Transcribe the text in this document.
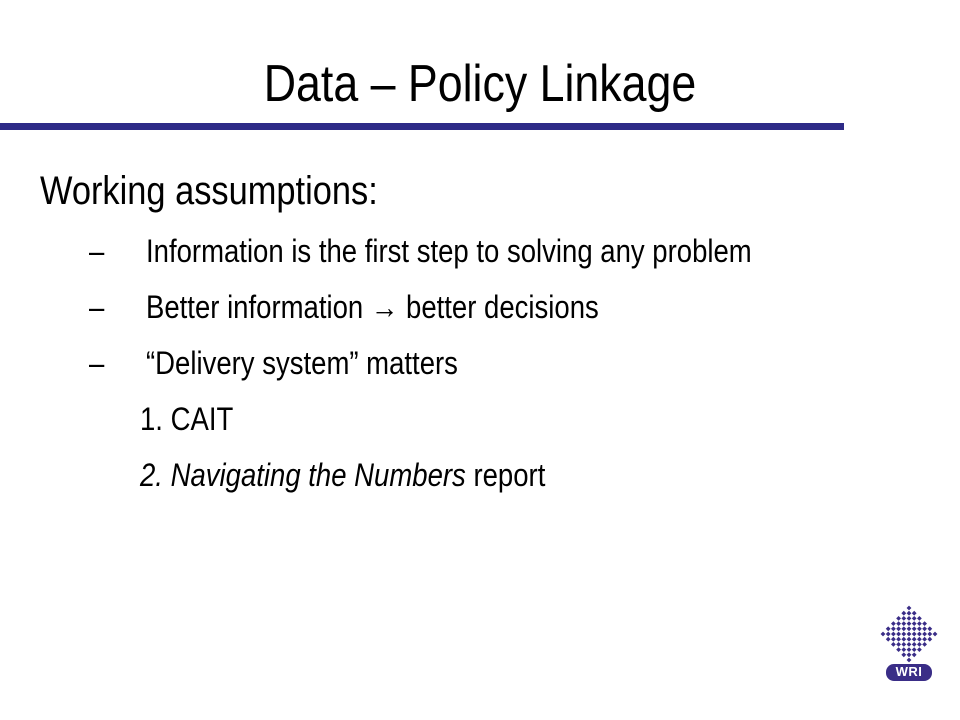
Data – Policy Linkage
Working assumptions:
– Information is the first step to solving any problem
– Better information → better decisions
– “Delivery system” matters
1. CAIT
2. Navigating the Numbers report
WRI
